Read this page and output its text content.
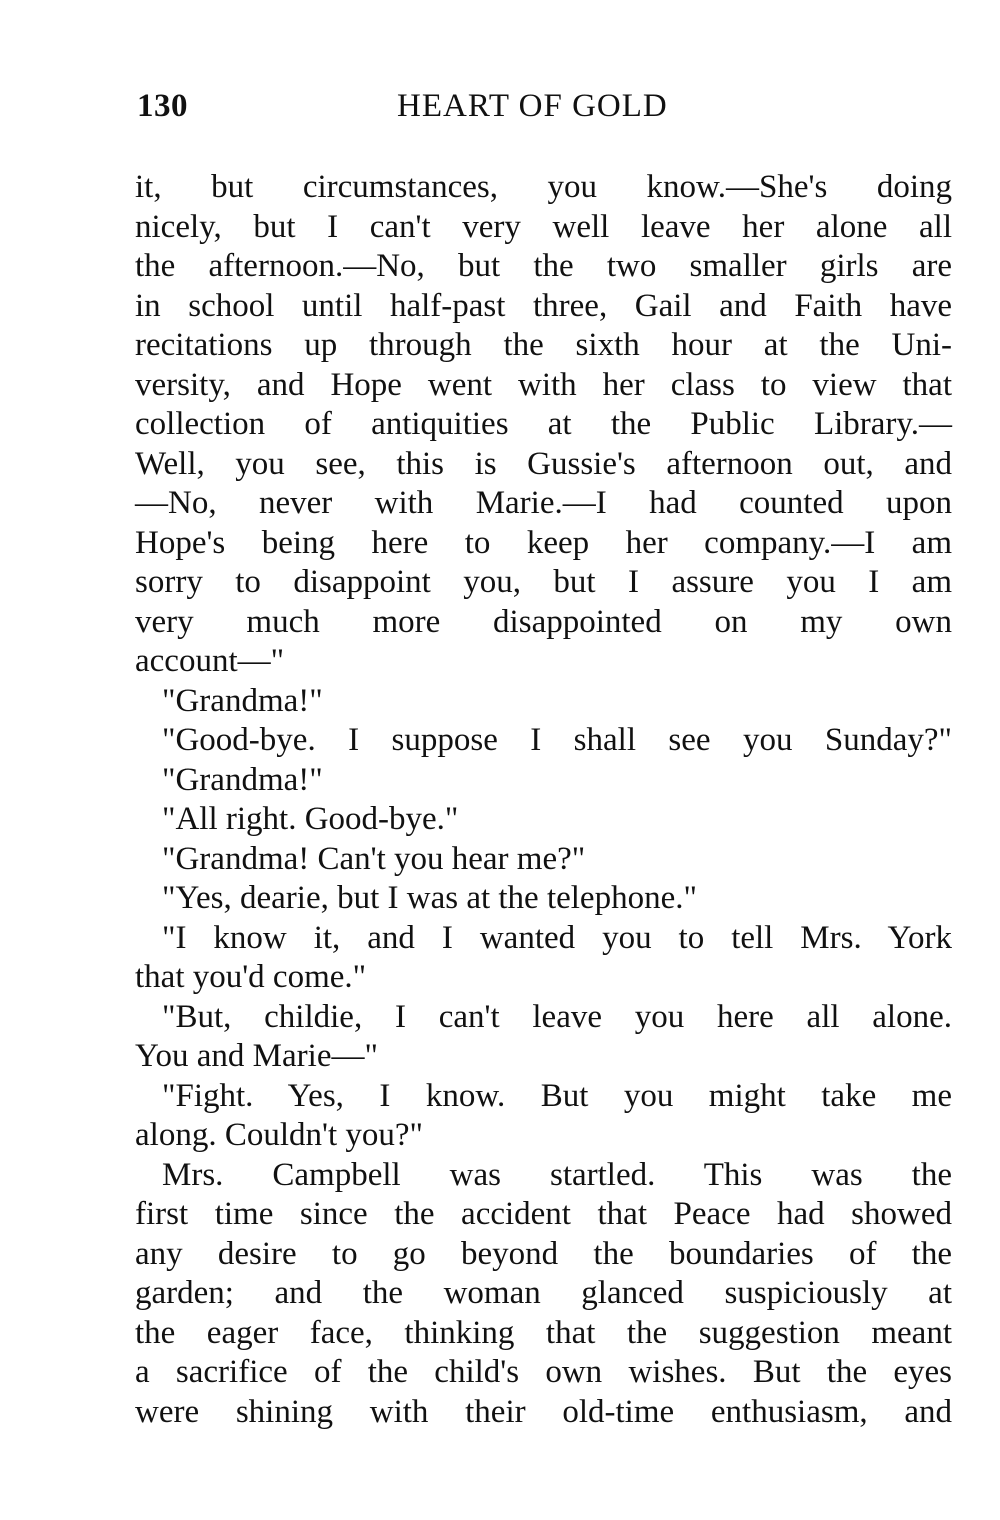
130	HEART OF GOLD
it, but circumstances, you know.—She's doing
nicely, but I can't very well leave her alone all
the afternoon.—No, but the two smaller girls are
in school until half-past three, Gail and Faith have
recitations up through the sixth hour at the Uni-
versity, and Hope went with her class to view that
collection of antiquities at the Public Library.—
Well, you see, this is Gussie's afternoon out, and
—No, never with Marie.—I had counted upon
Hope's being here to keep her company.—I am
sorry to disappoint you, but I assure you I am
very much more disappointed on my own
account—"
"Grandma!"
"Good-bye. I suppose I shall see you Sunday?"
"Grandma!"
"All right. Good-bye."
"Grandma! Can't you hear me?"
"Yes, dearie, but I was at the telephone."
"I know it, and I wanted you to tell Mrs. York
that you'd come."
"But, childie, I can't leave you here all alone.
You and Marie—"
"Fight. Yes, I know. But you might take me
along. Couldn't you?"
Mrs. Campbell was startled. This was the
first time since the accident that Peace had showed
any desire to go beyond the boundaries of the
garden; and the woman glanced suspiciously at
the eager face, thinking that the suggestion meant
a sacrifice of the child's own wishes. But the eyes
were shining with their old-time enthusiasm, and
